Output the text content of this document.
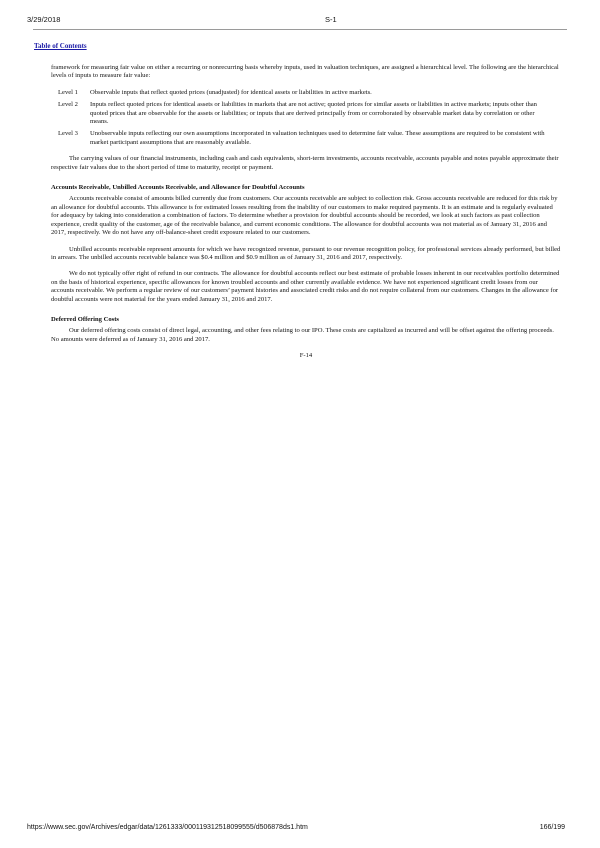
3/29/2018	S-1
Table of Contents

framework for measuring fair value on either a recurring or nonrecurring basis whereby inputs, used in valuation techniques, are assigned a hierarchical level. The following are the hierarchical levels of inputs to measure fair value:

Level 1	Observable inputs that reflect quoted prices (unadjusted) for identical assets or liabilities in active markets.
Level 2	Inputs reflect quoted prices for identical assets or liabilities in markets that are not active; quoted prices for similar assets or liabilities in active markets; inputs other than quoted prices that are observable for the assets or liabilities; or inputs that are derived principally from or corroborated by observable market data by correlation or other means.
Level 3	Unobservable inputs reflecting our own assumptions incorporated in valuation techniques used to determine fair value. These assumptions are required to be consistent with market participant assumptions that are reasonably available.

The carrying values of our financial instruments, including cash and cash equivalents, short-term investments, accounts receivable, accounts payable and notes payable approximate their respective fair values due to the short period of time to maturity, receipt or payment.

Accounts Receivable, Unbilled Accounts Receivable, and Allowance for Doubtful Accounts

Accounts receivable consist of amounts billed currently due from customers. Our accounts receivable are subject to collection risk. Gross accounts receivable are reduced for this risk by an allowance for doubtful accounts. This allowance is for estimated losses resulting from the inability of our customers to make required payments. It is an estimate and is regularly evaluated for adequacy by taking into consideration a combination of factors. To determine whether a provision for doubtful accounts should be recorded, we look at such factors as past collection experience, credit quality of the customer, age of the receivable balance, and current economic conditions. The allowance for doubtful accounts was not material as of January 31, 2016 and 2017, respectively. We do not have any off-balance-sheet credit exposure related to our customers.

Unbilled accounts receivable represent amounts for which we have recognized revenue, pursuant to our revenue recognition policy, for professional services already performed, but billed in arrears. The unbilled accounts receivable balance was $0.4 million and $0.9 million as of January 31, 2016 and 2017, respectively.

We do not typically offer right of refund in our contracts. The allowance for doubtful accounts reflect our best estimate of probable losses inherent in our receivables portfolio determined on the basis of historical experience, specific allowances for known troubled accounts and other currently available evidence. We have not experienced significant credit losses from our accounts receivable. We perform a regular review of our customers’ payment histories and associated credit risks and do not require collateral from our customers. Changes in the allowance for doubtful accounts were not material for the years ended January 31, 2016 and 2017.

Deferred Offering Costs

Our deferred offering costs consist of direct legal, accounting, and other fees relating to our IPO. These costs are capitalized as incurred and will be offset against the offering proceeds. No amounts were deferred as of January 31, 2016 and 2017.

F-14
https://www.sec.gov/Archives/edgar/data/1261333/000119312518099555/d506878ds1.htm	166/199
